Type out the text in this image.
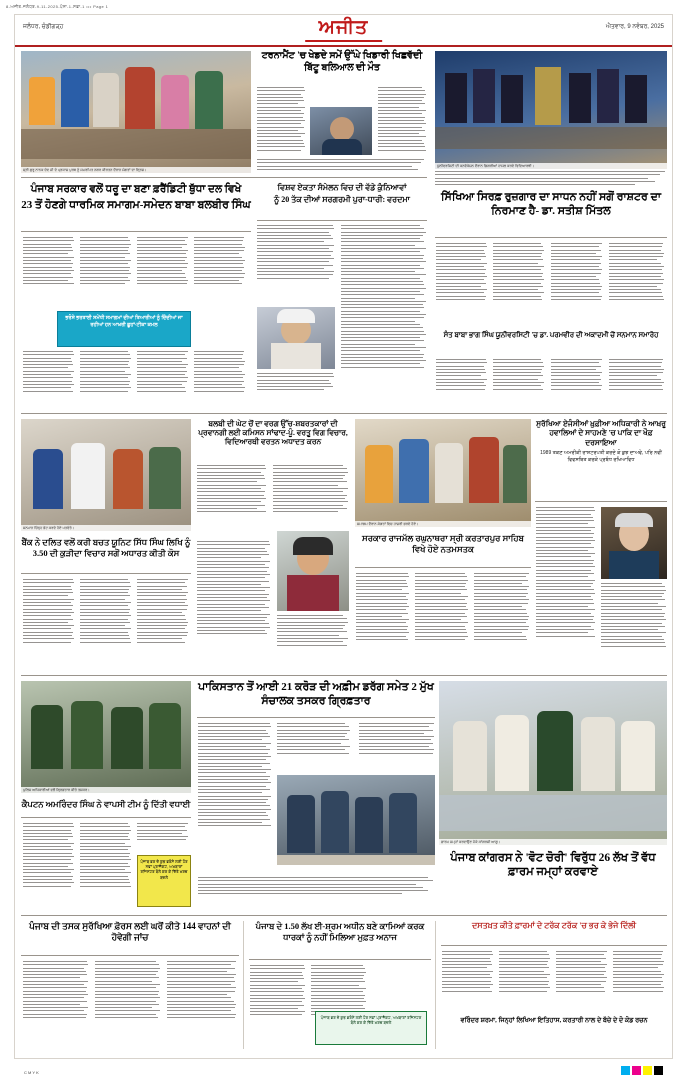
8-ਅਜੀਤ-ਜਲੰਧਰ-9-11-2025-ਪੰਨਾ-1-ਸਫ਼ਾ-1 ••• Page 1
ਜਲੰਧਰ, ਚੰਡੀਗੜ੍ਹ	ਅਜੀਤ	ਐਤਵਾਰ, 9 ਨਵੰਬਰ, 2025
ਸ੍ਰੀ ਗੁਰੂ ਨਾਨਕ ਦੇਵ ਜੀ ਦੇ ਪ੍ਰਕਾਸ਼ ਪੁਰਬ ਨੂੰ ਸਮਰਪਿਤ ਨਗਰ ਕੀਰਤਨ ਦੌਰਾਨ ਸੰਗਤਾਂ ਦਾ ਦ੍ਰਿਸ਼।
ਟਰਨਾਮੈਂਟ 'ਚ ਖੇਡਦੇ ਸਮੇਂ ਉੱਘੇ ਖਿਡਾਰੀ ਖਿਛਵੱਦੀ ਬਿੱਟੂ ਬਲਿਆਲ ਦੀ ਮੌਤ
ਯੂਨੀਵਰਸਿਟੀ ਦੀ ਕਨਵੋਕੇਸ਼ਨ ਦੌਰਾਨ ਡਿਗਰੀਆਂ ਹਾਸਲ ਕਰਦੇ ਵਿਦਿਆਰਥੀ।
ਪੰਜਾਬ ਸਰਕਾਰ ਵਲੋਂ ਧਰੂ ਦਾ ਬਣਾ ਫ਼ਰੈਂਡਿਟੀ ਥੁੱਧਾ ਦਲ ਵਿਖੇ
23 ਤੋਂ ਹੋਣਗੇ ਧਾਰਮਿਕ ਸਮਾਗਮ-ਸਮੇਦਨ ਬਾਬਾ ਬਲਬੀਰ ਸਿੰਘ
ਭਰੋਸੇ ਭਰਤਾਈ ਸਮੇਂਧੀ ਸਮਾਗਮਾਂ ਦੀਆਂ ਤਿਆਰੀਆਂ ਨੂੰ ਦਿੰਦੀਆਂ ਜਾ ਰਹੀਆਂ ਹਨ ਆਖ਼ਰੀ ਛੂਹਾਂ-ਟੀਕਾ ਕਮਲ
ਵਿਸ਼ਵ ਏਕਤਾ ਸੰਮੇਲਨ ਵਿਚ ਦੀ ਵੱਡੇ ਕੁੰਨਿਆਵਾਂ
ਨੂੰ 20 ਤੱਕ ਦੀਆਂ ਸਰਗਰਮੀ ਪੁਰਾ-ਧਾਰੀ: ਵਰਦਮਾ	ਸਿੱਖਿਆ ਸਿਰਫ਼ ਰੁਜ਼ਗਾਰ ਦਾ ਸਾਧਨ ਨਹੀਂ ਸਗੋਂ ਰਾਸ਼ਟਰ ਦਾ ਨਿਰਮਾਣ ਹੈ- ਡਾ. ਸਤੀਸ਼ ਮਿੱਤਲ
ਸੰਤ ਬਾਬਾ ਭਾਗ ਸਿੰਘ ਯੂਨੀਵਰਸਿਟੀ 'ਚ ਡਾ. ਪਰਮਵੀਰ ਦੀ ਅਕਾਦਮੀ ਚੋਂ ਸਨਮਾਨ ਸਮਾਰੋਹ
ਸਨਮਾਨ ਚਿੰਨ੍ਹ ਭੇਟ ਕਰਦੇ ਹੋਏ ਪਤਵੰਤੇ।
ਬੈਂਕ ਨੇ ਦਲਿਤ ਵਲੋਂ ਕਰੀ ਬਚਤ ਯੂਨਿਟ ਸਿੱਧ ਸਿੰਘ ਲਿਖਿ ਨੂੰ 3.50 ਦੀ ਕੁੜੀਦਾ ਵਿਚਾਰ ਸਗੋਂ ਅਧਾਰਤ ਕੀਤੀ ਕੋਸ
ਬਲਬੀ ਦੀ ਘੇਟ ਚੋਂ ਦਾ ਵਰਗ ਉੱਚ-ਸ਼ਬਰਤਕਾਰਾਂ ਦੀ ਪ੍ਰਵਾਨਗੀ ਲਈ ਕਮਿਸਨ ਸਾਂਢਾਦ-ਪੂੰ. ਵਰਤੂ ਵਿਗ ਵਿਚਾਰ, ਵਿਦਿਆਰਥੀ ਵਰਤਨ ਅਧਾਦਤ ਕਰਨ
ਸਮਾਗਮ ਦੌਰਾਨ ਸੰਗਤਾਂ ਵਿਚ ਹਾਜ਼ਰੀ ਭਰਦੇ ਹੋਏ।
ਸਰਕਾਰ ਰਾਜਮੱਲ ਰਘੁਨਾਥਰਾ ਸ੍ਰੀ ਕਰਤਾਰਪੁਰ ਸਾਹਿਬ ਵਿਖੇ ਹੋਏ ਨਤਮਸਤਕ
ਸੁਰੱਖਿਆ ਏਜੰਸੀਆਂ ਖ਼ੁਫ਼ੀਆ ਅਧਿਕਾਰੀ ਨੇ ਆਖ਼ਰੂ ਹਵਾਲਿਆਂ ਦੇ ਸਾਹਮਣੇ 'ਚ ਪਾਕਿ ਦਾ ਖੌਫ਼ ਦਰਸਾਇਆ
1989 ਤਕਣ ਅਮਰੀਕੀ ਰਾਸ਼ਟਰਪਤੀ ਕਰਦੇ ਕੋ ਕੁਝ ਦਾਅਵੇ, ਪਰਿ ਨਵੀਂ ਵਿਵਸਥਿਤ ਕਰਕੇ ਪ੍ਰਬੰਧ ਰਖਿਆਵਿਧ
ਪੁਲਿਸ ਅਧਿਕਾਰੀਆਂ ਵਲੋਂ ਗ੍ਰਿਫ਼ਤਾਰ ਕੀਤੇ ਤਸਕਰ।
ਕੈਪਟਨ ਅਮਰਿੰਦਰ ਸਿੰਘ ਨੇ ਵਾਪਸੀ ਟੀਮ ਨੂੰ ਦਿੱਤੀ ਵਧਾਈ
ਪੰਜਾਬ ਭਰ ਦੇ ਕੁਝ ਭਰੋਸੇ ਲਈ ਹੋਰ ਨਵਾਂ ਪ੍ਰਾਜੈਕਟ, ਅਖ਼ਬਾਰਾਂ ਰਜਿਸਟਰ ਬੋਲੇ ਕਰ ਕੇ ਦਿੱਤੇ ਖ਼ਰਚ ਬਦਲੇ
ਪਾਕਿਸਤਾਨ ਤੋਂ ਆਈ 21 ਕਰੋੜ ਦੀ ਅਫ਼ੀਮ ਡਰੱਗ ਸਮੇਤ 2 ਮੁੱਖ ਸੰਚਾਲਕ ਤਸਕਰ ਗ੍ਰਿਫ਼ਤਾਰ
ਫ਼ਾਰਮ ਜਮ੍ਹਾਂ ਕਰਵਾਉਣ ਮੌਕੇ ਕਾਂਗਰਸੀ ਆਗੂ।
ਪੰਜਾਬ ਕਾਂਗਰਸ ਨੇ 'ਵੋਟ ਚੋਰੀ' ਵਿਰੁੱਧ 26 ਲੱਖ ਤੋਂ ਵੱਧ ਫ਼ਾਰਮ ਜਮ੍ਹਾਂ ਕਰਵਾਏ
ਪੰਜਾਬ ਦੀ ਤਸਕ ਸੁਰੱਖਿਆ ਫ਼ੋਰਸ ਲਈ ਘਰੋਂ ਕੀਤੇ 144 ਵਾਹਨਾਂ ਦੀ ਹੋਵੇਗੀ ਜਾਂਚ
ਪੰਜਾਬ ਦੇ 1.50 ਲੱਖ ਈ-ਸ਼੍ਰਮ ਅਧੀਨ ਬਣੇ ਕਾਮਿਆਂ ਕਰਕ ਧਾਰਕਾਂ ਨੂੰ ਨਹੀਂ ਮਿਲਿਆ ਮੁਫ਼ਤ ਅਨਾਜ
ਪੰਜਾਬ ਭਰ ਦੇ ਕੁਝ ਭਰੋਸੇ ਲਈ ਹੋਰ ਨਵਾਂ ਪ੍ਰਾਜੈਕਟ, ਅਖ਼ਬਾਰਾਂ ਰਜਿਸਟਰ ਬੋਲੇ ਕਰ ਕੇ ਦਿੱਤੇ ਖ਼ਰਚ ਬਦਲੇ
ਦਸਤਖ਼ਤ ਕੀਤੇ ਫ਼ਾਰਮਾਂ ਦੇ ਟਰੱਕ ਟਰੱਕ 'ਚ ਭਰ ਕੇ ਭੇਜੇ ਦਿੱਲੀ
ਵਰਿੰਦਰ ਸ਼ਰਮਾ, ਜਿਨ੍ਹਾਂ ਲਿਖਿਆ ਇਤਿਹਾਸ, ਕਰਤਾਰੀ ਨਾਲ ਦੇ ਬੱਚੇ ਦੇ ਦੋ ਕੋਡ ਰਚਨ
C M Y K
